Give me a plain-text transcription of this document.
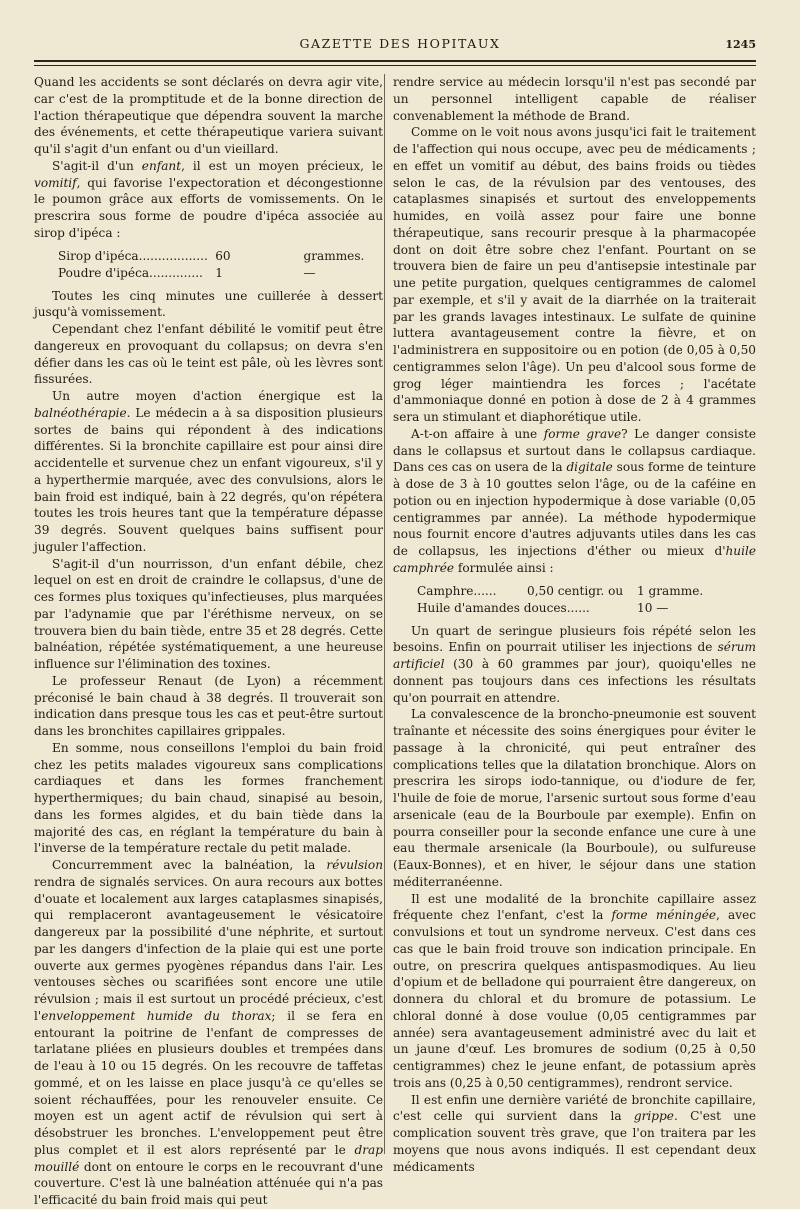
GAZETTE DES HOPITAUX	1245

Quand les accidents se sont déclarés on devra agir vite, car c'est de la promptitude et de la bonne direction de l'action thérapeutique que dépendra souvent la marche des événements, et cette thérapeutique variera suivant qu'il s'agit d'un enfant ou d'un vieillard.

S'agit-il d'un enfant, il est un moyen précieux, le vomitif, qui favorise l'expectoration et décongestionne le poumon grâce aux efforts de vomissements. On le prescrira sous forme de poudre d'ipéca associée au sirop d'ipéca :

Sirop d'ipéca.................. 60	grammes.
Poudre d'ipéca..............	1	—

Toutes les cinq minutes une cuillerée à dessert jusqu'à vomissement.

Cependant chez l'enfant débilité le vomitif peut être dangereux en provoquant du collapsus; on devra s'en défier dans les cas où le teint est pâle, où les lèvres sont fissurées.

Un autre moyen d'action énergique est la balnéothérapie. Le médecin a à sa disposition plusieurs sortes de bains qui répondent à des indications différentes. Si la bronchite capillaire est pour ainsi dire accidentelle et survenue chez un enfant vigoureux, s'il y a hyperthermie marquée, avec des convulsions, alors le bain froid est indiqué, bain à 22 degrés, qu'on répétera toutes les trois heures tant que la température dépasse 39 degrés. Souvent quelques bains suffisent pour juguler l'affection.

S'agit-il d'un nourrisson, d'un enfant débile, chez lequel on est en droit de craindre le collapsus, d'une de ces formes plus toxiques qu'infectieuses, plus marquées par l'adynamie que par l'éréthisme nerveux, on se trouvera bien du bain tiède, entre 35 et 28 degrés. Cette balnéation, répétée systématiquement, a une heureuse influence sur l'élimination des toxines.

Le professeur Renaut (de Lyon) a récemment préconisé le bain chaud à 38 degrés. Il trouverait son indication dans presque tous les cas et peut-être surtout dans les bronchites capillaires grippales.

En somme, nous conseillons l'emploi du bain froid chez les petits malades vigoureux sans complications cardiaques et dans les formes franchement hyperthermiques; du bain chaud, sinapisé au besoin, dans les formes algides, et du bain tiède dans la majorité des cas, en réglant la température du bain à l'inverse de la température rectale du petit malade.

Concurremment avec la balnéation, la révulsion rendra de signalés services. On aura recours aux bottes d'ouate et localement aux larges cataplasmes sinapisés, qui remplaceront avantageusement le vésicatoire dangereux par la possibilité d'une néphrite, et surtout par les dangers d'infection de la plaie qui est une porte ouverte aux germes pyogènes répandus dans l'air. Les ventouses sèches ou scarifiées sont encore une utile révulsion ; mais il est surtout un procédé précieux, c'est l'enveloppement humide du thorax; il se fera en entourant la poitrine de l'enfant de compresses de tarlatane pliées en plusieurs doubles et trempées dans de l'eau à 10 ou 15 degrés. On les recouvre de taffetas gommé, et on les laisse en place jusqu'à ce qu'elles se soient réchauffées, pour les renouveler ensuite. Ce moyen est un agent actif de révulsion qui sert à désobstruer les bronches. L'enveloppement peut être plus complet et il est alors représenté par le drap mouillé dont on entoure le corps en le recouvrant d'une couverture. C'est là une balnéation atténuée qui n'a pas l'efficacité du bain froid mais qui peut

rendre service au médecin lorsqu'il n'est pas secondé par un personnel intelligent capable de réaliser convenablement la méthode de Brand.

Comme on le voit nous avons jusqu'ici fait le traitement de l'affection qui nous occupe, avec peu de médicaments ; en effet un vomitif au début, des bains froids ou tièdes selon le cas, de la révulsion par des ventouses, des cataplasmes sinapisés et surtout des enveloppements humides, en voilà assez pour faire une bonne thérapeutique, sans recourir presque à la pharmacopée dont on doit être sobre chez l'enfant. Pourtant on se trouvera bien de faire un peu d'antisepsie intestinale par une petite purgation, quelques centigrammes de calomel par exemple, et s'il y avait de la diarrhée on la traiterait par les grands lavages intestinaux. Le sulfate de quinine luttera avantageusement contre la fièvre, et on l'administrera en suppositoire ou en potion (de 0,05 à 0,50 centigrammes selon l'âge). Un peu d'alcool sous forme de grog léger maintiendra les forces ; l'acétate d'ammoniaque donné en potion à dose de 2 à 4 grammes sera un stimulant et diaphorétique utile.

A-t-on affaire à une forme grave? Le danger consiste dans le collapsus et surtout dans le collapsus cardiaque. Dans ces cas on usera de la digitale sous forme de teinture à dose de 3 à 10 gouttes selon l'âge, ou de la caféine en potion ou en injection hypodermique à dose variable (0,05 centigrammes par année). La méthode hypodermique nous fournit encore d'autres adjuvants utiles dans les cas de collapsus, les injections d'éther ou mieux d'huile camphrée formulée ainsi :

Camphre......	0,50 centigr. ou	1 gramme.
Huile d'amandes douces......	10 —

Un quart de seringue plusieurs fois répété selon les besoins. Enfin on pourrait utiliser les injections de sérum artificiel (30 à 60 grammes par jour), quoiqu'elles ne donnent pas toujours dans ces infections les résultats qu'on pourrait en attendre.

La convalescence de la broncho-pneumonie est souvent traînante et nécessite des soins énergiques pour éviter le passage à la chronicité, qui peut entraîner des complications telles que la dilatation bronchique. Alors on prescrira les sirops iodo-tannique, ou d'iodure de fer, l'huile de foie de morue, l'arsenic surtout sous forme d'eau arsenicale (eau de la Bourboule par exemple). Enfin on pourra conseiller pour la seconde enfance une cure à une eau thermale arsenicale (la Bourboule), ou sulfureuse (Eaux-Bonnes), et en hiver, le séjour dans une station méditerranéenne.

Il est une modalité de la bronchite capillaire assez fréquente chez l'enfant, c'est la forme méningée, avec convulsions et tout un syndrome nerveux. C'est dans ces cas que le bain froid trouve son indication principale. En outre, on prescrira quelques antispasmodiques. Au lieu d'opium et de belladone qui pourraient être dangereux, on donnera du chloral et du bromure de potassium. Le chloral donné à dose voulue (0,05 centigrammes par année) sera avantageusement administré avec du lait et un jaune d'œuf. Les bromures de sodium (0,25 à 0,50 centigrammes) chez le jeune enfant, de potassium après trois ans (0,25 à 0,50 centigrammes), rendront service.

Il est enfin une dernière variété de bronchite capillaire, c'est celle qui survient dans la grippe. C'est une complication souvent très grave, que l'on traitera par les moyens que nous avons indiqués. Il est cependant deux médicaments
